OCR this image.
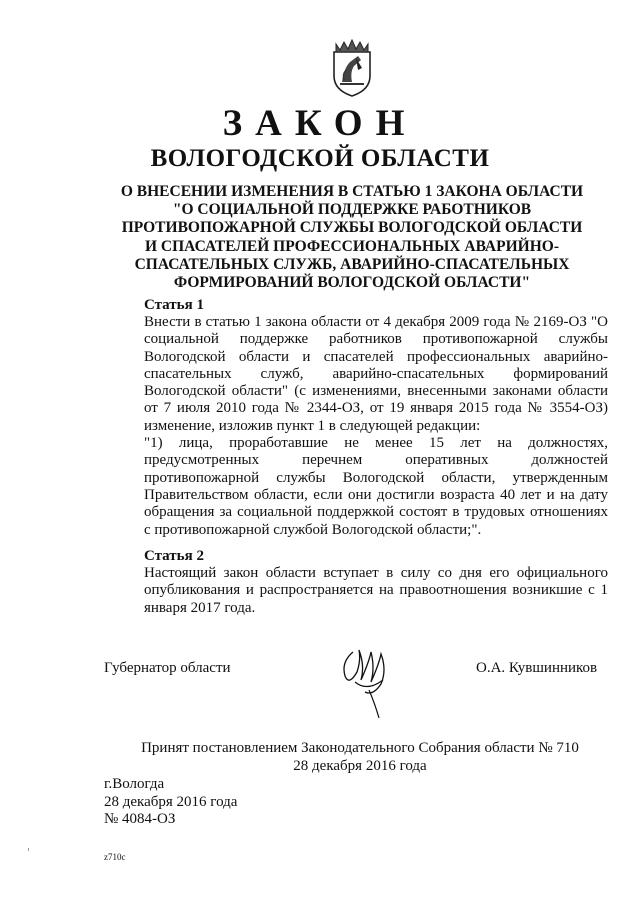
ЗАКОН
ВОЛОГОДСКОЙ ОБЛАСТИ
О ВНЕСЕНИИ ИЗМЕНЕНИЯ В СТАТЬЮ 1 ЗАКОНА ОБЛАСТИ
"О СОЦИАЛЬНОЙ ПОДДЕРЖКЕ РАБОТНИКОВ
ПРОТИВОПОЖАРНОЙ СЛУЖБЫ ВОЛОГОДСКОЙ ОБЛАСТИ
И СПАСАТЕЛЕЙ ПРОФЕССИОНАЛЬНЫХ АВАРИЙНО-
СПАСАТЕЛЬНЫХ СЛУЖБ, АВАРИЙНО-СПАСАТЕЛЬНЫХ
ФОРМИРОВАНИЙ ВОЛОГОДСКОЙ ОБЛАСТИ"
Статья 1
Внести в статью 1 закона области от 4 декабря 2009 года № 2169-ОЗ "О социальной поддержке работников противопожарной службы Вологодской области и спасателей профессиональных аварийно-спасательных служб, аварийно-спасательных формирований Вологодской области" (с изменениями, внесенными законами области от 7 июля 2010 года № 2344-ОЗ, от 19 января 2015 года № 3554-ОЗ) изменение, изложив пункт 1 в следующей редакции:
"1) лица, проработавшие не менее 15 лет на должностях, предусмотренных перечнем оперативных должностей противопожарной службы Вологодской области, утвержденным Правительством области, если они достигли возраста 40 лет и на дату обращения за социальной поддержкой состоят в трудовых отношениях с противопожарной службой Вологодской области;".
Статья 2
Настоящий закон области вступает в силу со дня его официального опубликования и распространяется на правоотношения возникшие с 1 января 2017 года.
Губернатор области	О.А. Кувшинников
Принят постановлением Законодательного Собрания области № 710
28 декабря 2016 года
г.Вологда
28 декабря 2016 года
№ 4084-ОЗ
z710c
